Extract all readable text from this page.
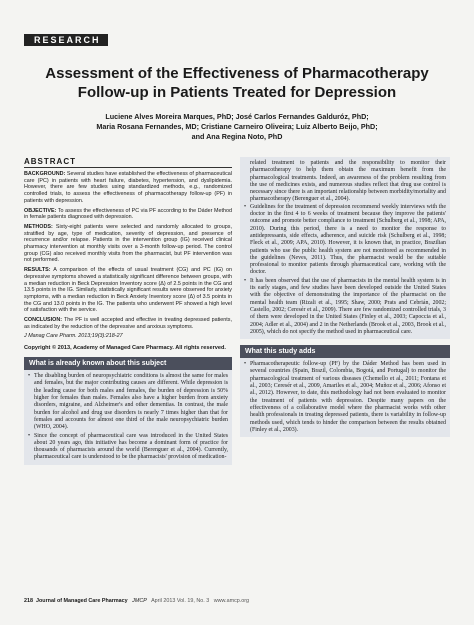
RESEARCH
Assessment of the Effectiveness of Pharmacotherapy
Follow-up in Patients Treated for Depression
Luciene Alves Moreira Marques, PhD; José Carlos Fernandes Galduróz, PhD;
Maria Rosana Fernandes, MD; Cristiane Carneiro Oliveira; Luiz Alberto Beijo, PhD;
and Ana Regina Noto, PhD
ABSTRACT

BACKGROUND: Several studies have established the effectiveness of pharmaceutical care (PC) in patients with heart failure, diabetes, hypertension, and dyslipidemia. However, there are few studies using standardized methods, e.g., randomized controlled trials, to assess the effectiveness of pharmacotherapy follow-up (PF) in patients with depression.

OBJECTIVE: To assess the effectiveness of PC via PF according to the Dáder Method in female patients diagnosed with depression.

METHODS: Sixty-eight patients were selected and randomly allocated to groups, stratified by age, type of medication, severity of depression, and presence of recurrence and/or relapse. Patients in the intervention group (IG) received clinical pharmacy intervention at monthly visits over a 3-month follow-up period. The control group (CG) also received monthly visits from the pharmacist, but PF intervention was not performed.

RESULTS: A comparison of the effects of usual treatment (CG) and PC (IG) on depressive symptoms showed a statistically significant difference between groups, with a median reduction in Beck Depression Inventory score (Δ) of 2.5 points in the CG and 13.5 points in the IG. Similarly, statistically significant results were observed for anxiety symptoms, with a median reduction in Beck Anxiety Inventory score (Δ) of 3.5 points in the CG and 13.0 points in the IG. The patients who underwent PF showed a high level of satisfaction with the service.

CONCLUSION: The PF is well accepted and effective in treating depressed patients, as indicated by the reduction of the depressive and anxious symptoms.

J Manag Care Pharm. 2013;19(3):218-27

Copyright © 2013, Academy of Managed Care Pharmacy. All rights reserved.
What is already known about this subject

• The disabling burden of neuropsychiatric conditions is almost the same for males and females, but the major contributing causes are different. While depression is the leading cause for both males and females, the burden of depression is 50% higher for females than males. Females also have a higher burden from anxiety disorders, migraine, and Alzheimer's and other dementias. In contrast, the male burden for alcohol and drug use disorders is nearly 7 times higher than that for females and accounts for almost one third of the male neuropsychiatric burden (WHO, 2004).

• Since the concept of pharmaceutical care was introduced in the United States about 20 years ago, this initiative has become a dominant form of practice for thousands of pharmacists around the world (Berenguer et al., 2004). Currently, pharmaceutical care is understood to be the pharmacists' provision of medication-

related treatment to patients and the responsibility to monitor their pharmacotherapy to help them obtain the maximum benefit from the pharmacological treatments. Indeed, an awareness of the problem resulting from the use of medicines exists, and numerous studies reflect that drug use control is necessary since there is an important relationship between morbidity/mortality and pharmacotherapy (Berenguer et al., 2004).

• Guidelines for the treatment of depression recommend weekly interviews with the doctor in the first 4 to 6 weeks of treatment because they improve the patients' outcome and promote better compliance to treatment (Schulberg et al., 1998; APA, 2010). During this period, there is a need to monitor the response to antidepressants, side effects, adherence, and suicide risk (Schulberg et al., 1998; Fleck et al., 2009; APA, 2010). However, it is known that, in practice, Brazilian patients who use the public health system are not monitored as recommended in the guidelines (Neves, 2011). Thus, the pharmacist would be the suitable professional to monitor patients through pharmaceutical care, working with the doctor.

• It has been observed that the use of pharmacists in the mental health system is in its early stages, and few studies have been developed outside the United States with the objective of demonstrating the importance of the pharmacist on the mental health team (Rizali et al., 1995; Shaw, 2000; Prats and Cebrián, 2002; Castello, 2002; Ceresér et al., 2009). There are few randomized controlled trials, 3 of them were developed in the United States (Finley et al., 2003; Capoccia et al., 2004; Adler et al., 2004) and 2 in the Netherlands (Brook et al., 2003, Brook et al., 2005), which do not specify the method used in pharmaceutical care.

What this study adds

• Pharmacotherapeutic follow-up (PF) by the Dáder Method has been used in several countries (Spain, Brazil, Colombia, Bogotá, and Portugal) to monitor the pharmacological treatment of various diseases (Chemello et al., 2011; Fontana et al., 2003; Ceresér et al., 2009, Amariles et al., 2004; Muñoz et al., 2006; Afonso et al., 2012). However, to date, this methodology had not been evaluated to monitor the treatment of patients with depression. Despite many papers on the effectiveness of a collaborative model where the pharmacist works with other health professionals in treating depressed patients, there is variability in follow-up methods used, which tends to hinder the comparison between the results obtained (Finley et al., 2003).

218 Journal of Managed Care Pharmacy JMCP April 2013 Vol. 19, No. 3 www.amcp.org
